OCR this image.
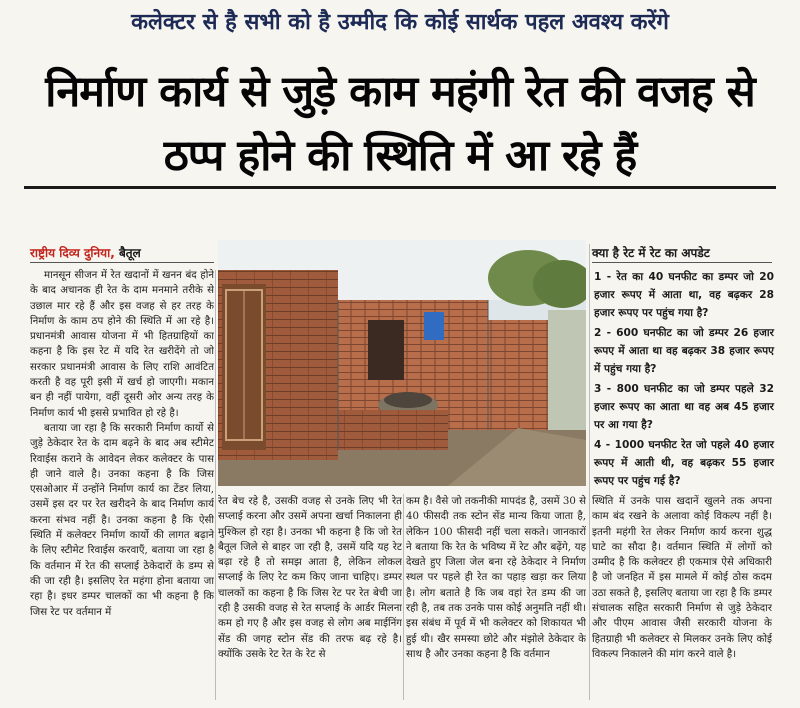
कलेक्टर से है सभी को है उम्मीद कि कोई सार्थक पहल अवश्य करेंगे
निर्माण कार्य से जुड़े काम महंगी रेत की वजह से ठप्प होने की स्थिति में आ रहे हैं
राष्ट्रीय दिव्य दुनिया, बैतूल

मानसून सीजन में रेत खदानों में खनन बंद होने के बाद अचानक ही रेत के दाम मनमाने तरीके से उछाल मार रहे हैं और इस वजह से हर तरह के निर्माण के काम ठप होने की स्थिति में आ रहे है। प्रधानमंत्री आवास योजना में भी हितग्राहियों का कहना है कि इस रेट में यदि रेत खरीदेंगे तो जो सरकार प्रधानमंत्री आवास के लिए राशि आवंटित करती है वह पूरी इसी में खर्च हो जाएगी। मकान बन ही नहीं पायेगा, वहीं दूसरी ओर अन्य तरह के निर्माण कार्य भी इससे प्रभावित हो रहे है।

बताया जा रहा है कि सरकारी निर्माण कार्यो से जुड़े ठेकेदार रेत के दाम बढ़ने के बाद अब स्टीमेट रिवाईस कराने के आवेदन लेकर कलेक्टर के पास ही जाने वाले है। उनका कहना है कि जिस एसओआर में उन्होंने निर्माण कार्य का टेंडर लिया, उसमें इस दर पर रेत खरीदने के बाद निर्माण कार्य करना संभव नहीं है। उनका कहना है कि ऐसी स्थिति में कलेक्टर निर्माण कार्यो की लागत बढ़ाने के लिए स्टीमेट रिवाईस करवाएँ, बताया जा रहा है कि वर्तमान में रेत की सप्लाई ठेकेदारों के डम्प से की जा रही है। इसलिए रेत महंगा होना बताया जा रहा है। इधर डम्पर चालकों का भी कहना है कि जिस रेट पर वर्तमान में

रेत बेच रहे है, उसकी वजह से उनके लिए भी रेत सप्लाई करना और उसमें अपना खर्चा निकालना ही मुश्किल हो रहा है। उनका भी कहना है कि जो रेत बैतूल जिले से बाहर जा रही है, उसमें यदि यह रेट बढ़ा रहे है तो समझ आता है, लेकिन लोकल सप्लाई के लिए रेट कम किए जाना चाहिए। डम्पर चालकों का कहना है कि जिस रेट पर रेत बेची जा रही है उसकी वजह से रेत सप्लाई के आर्डर मिलना कम हो गए है और इस वजह से लोग अब माईनिंग सेंड की जगह स्टोन सेंड की तरफ बढ़ रहे है। क्योंकि उसके रेट रेत के रेट से

कम है। वैसे जो तकनीकी मापदंड है, उसमें 30 से 40 फीसदी तक स्टोन सेंड मान्य किया जाता है, लेकिन 100 फीसदी नहीं चला सकते। जानकारों ने बताया कि रेत के भविष्य में रेट और बढ़ेंगे, यह देखते हुए जिला जेल बना रहे ठेकेदार ने निर्माण स्थल पर पहले ही रेत का पहाड़ खड़ा कर लिया है। लोग बताते है कि जब वहां रेत डम्प की जा रही है, तब तक उनके पास कोई अनुमति नहीं थी। इस संबंध में पूर्व में भी कलेक्टर को शिकायत भी हुई थी। खैर समस्या छोटे और मंझोले ठेकेदार के साथ है और उनका कहना है कि वर्तमान

क्या है रेट में रेट का अपडेट
1 - रेत का 40 घनफीट का डम्पर जो 20 हजार रूपए में आता था, वह बढ़कर 28 हजार रूपए पर पहुंच गया है?
2 - 600 घनफीट का जो डम्पर 26 हजार रूपए में आता था वह बढ़कर 38 हजार रूपए में पहुंच गया है?
3 - 800 घनफीट का जो डम्पर पहले 32 हजार रूपए का आता था वह अब 45 हजार पर आ गया है?
4 - 1000 घनफीट रेत जो पहले 40 हजार रूपए में आती थी, वह बढ़कर 55 हजार रूपए पर पहुंच गई है?

स्थिति में उनके पास खदानें खुलने तक अपना काम बंद रखने के अलावा कोई विकल्प नहीं है। इतनी महंगी रेत लेकर निर्माण कार्य करना शुद्ध घाटे का सौदा है। वर्तमान स्थिति में लोगों को उम्मीद है कि कलेक्टर ही एकमात्र ऐसे अधिकारी है जो जनहित में इस मामले में कोई ठोस कदम उठा सकते है, इसलिए बताया जा रहा है कि डम्पर संचालक सहित सरकारी निर्माण से जुड़े ठेकेदार और पीएम आवास जैसी सरकारी योजना के हितग्राही भी कलेक्टर से मिलकर उनके लिए कोई विकल्प निकालने की मांग करने वाले है।
